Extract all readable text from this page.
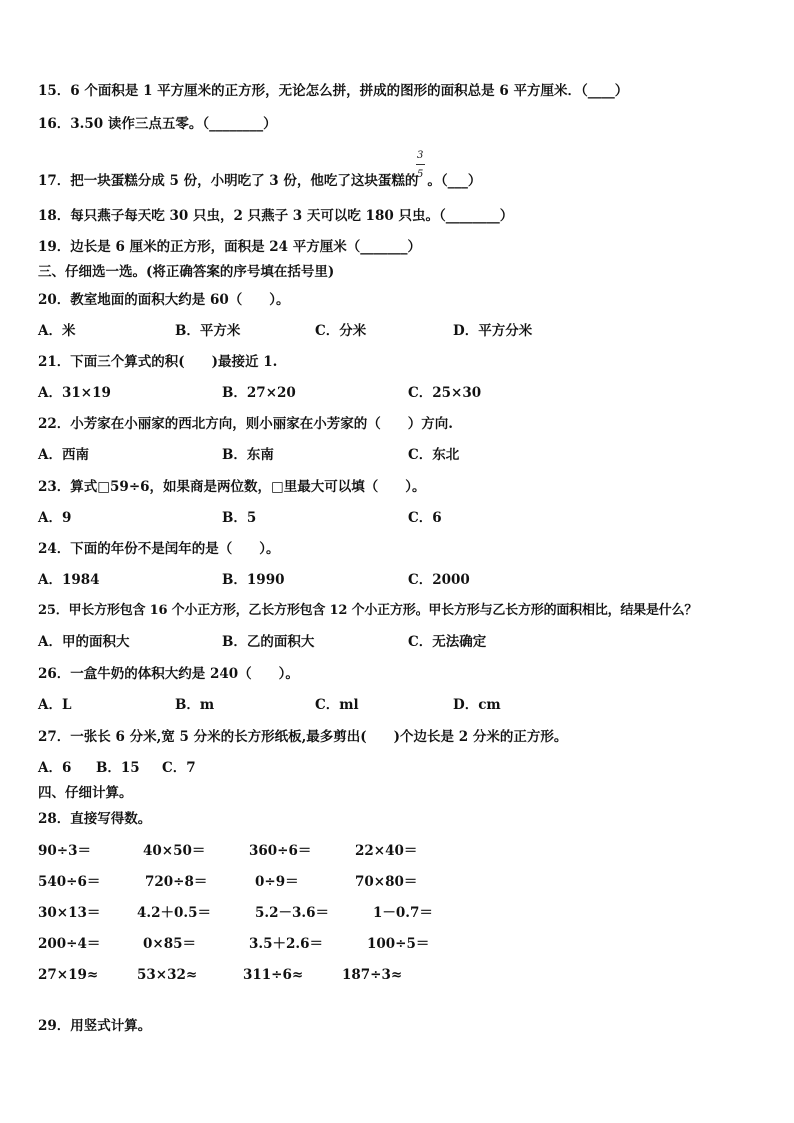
15．6 个面积是 1 平方厘米的正方形，无论怎么拼，拼成的图形的面积总是 6 平方厘米．（____）
16．3.50 读作三点五零。（________）
17．把一块蛋糕分成 5 份，小明吃了 3 份，他吃了这块蛋糕的 。（___）
3
5
18．每只燕子每天吃 30 只虫，2 只燕子 3 天可以吃 180 只虫。（________）
19．边长是 6 厘米的正方形，面积是 24 平方厘米（_______）
三、仔细选一选。(将正确答案的序号填在括号里)
20．教室地面的面积大约是 60（　　）。
A．米	B．平方米	C．分米	D．平方分米
21．下面三个算式的积(　　)最接近 1.
A．31×19	B．27×20	C．25×30
22．小芳家在小丽家的西北方向，则小丽家在小芳家的（　　）方向.
A．西南	B．东南	C．东北
23．算式□59÷6，如果商是两位数，□里最大可以填（　　）。
A．9	B．5	C．6
24．下面的年份不是闰年的是（　　）。
A．1984	B．1990	C．2000
25．甲长方形包含 16 个小正方形，乙长方形包含 12 个小正方形。甲长方形与乙长方形的面积相比，结果是什么？
A．甲的面积大	B．乙的面积大	C．无法确定
26．一盒牛奶的体积大约是 240（　　）。
A．L	B．m	C．ml	D．cm
27．一张长 6 分米,宽 5 分米的长方形纸板,最多剪出(　　)个边长是 2 分米的正方形。
A．6 B．15 C．7
四、仔细计算。
28．直接写得数。
90÷3＝	40×50＝	360÷6＝	22×40＝
540÷6＝	720÷8＝	0÷9＝	70×80＝
30×13＝	4.2＋0.5＝	5.2－3.6＝	1－0.7＝
200÷4＝	0×85＝	3.5＋2.6＝	100÷5＝
27×19≈	53×32≈	311÷6≈	187÷3≈
29．用竖式计算。
